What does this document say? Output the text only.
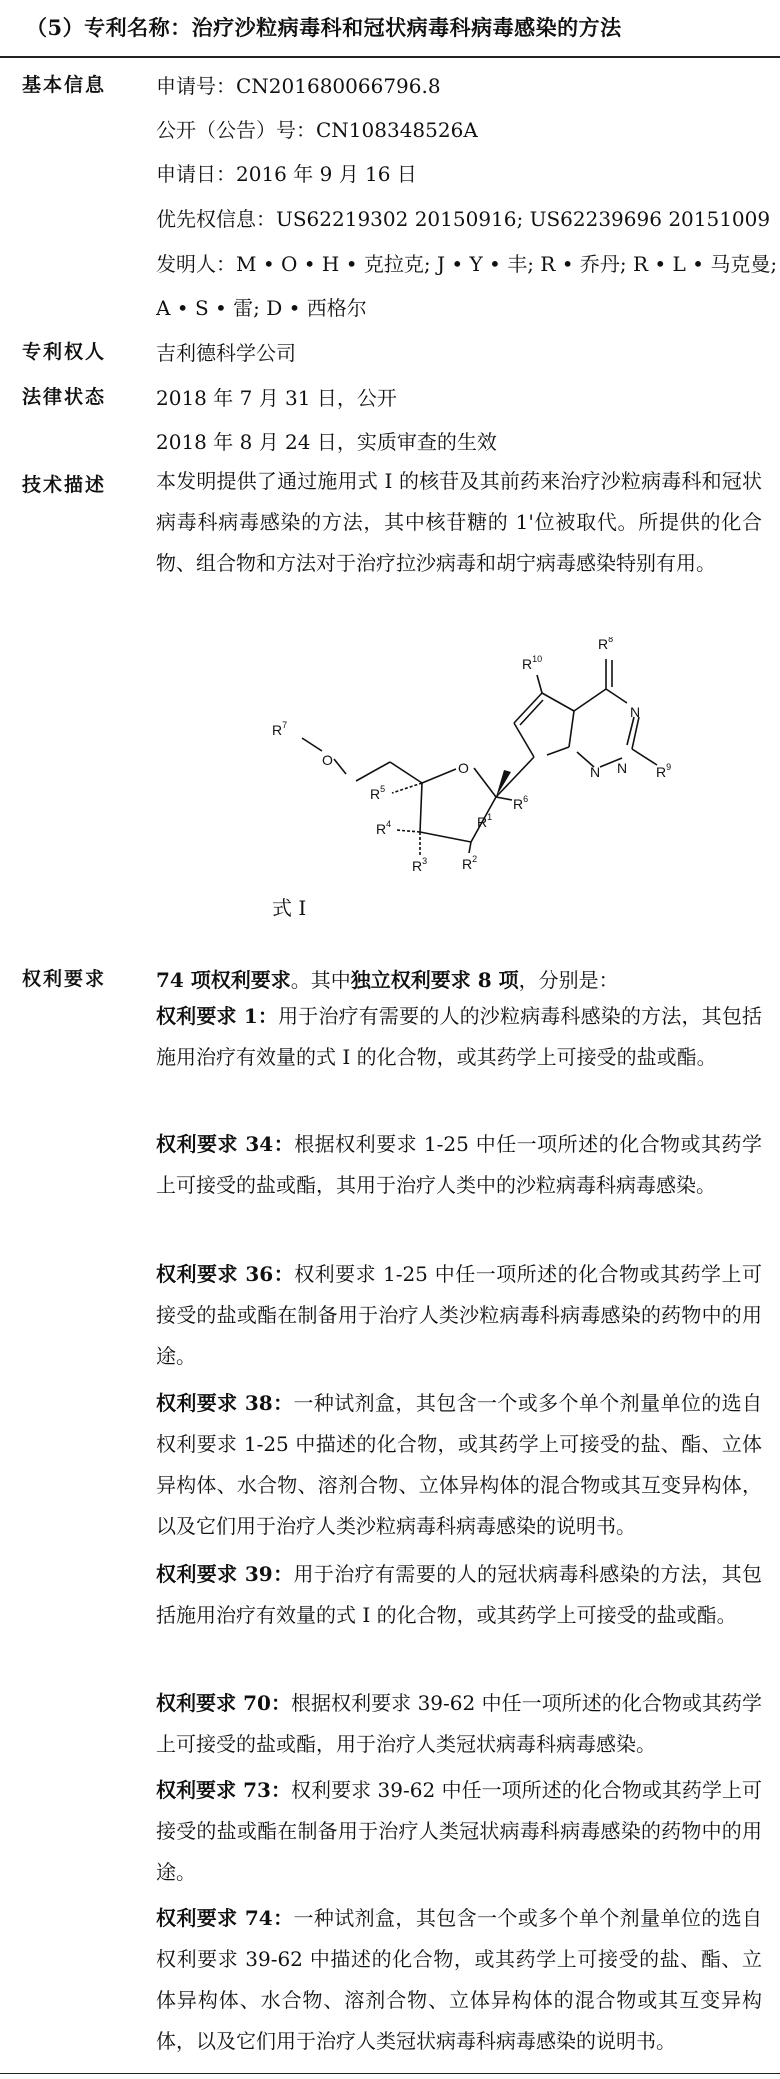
（5）专利名称：治疗沙粒病毒科和冠状病毒科病毒感染的方法
基本信息 申请号：CN201680066796.8
公开（公告）号：CN108348526A
申请日：2016 年 9 月 16 日
优先权信息：US62219302 20150916; US62239696 20151009
发明人：M • O • H • 克拉克; J • Y • 丰; R • 乔丹; R • L • 马克曼;
A • S • 雷; D • 西格尔
专利权人 吉利德科学公司
法律状态 2018 年 7 月 31 日，公开
2018 年 8 月 24 日，实质审查的生效
技术描述 本发明提供了通过施用式 I 的核苷及其前药来治疗沙粒病毒科和冠状病毒科病毒感染的方法，其中核苷糖的 1'位被取代。所提供的化合物、组合物和方法对于治疗拉沙病毒和胡宁病毒感染特别有用。
$R^7$
O	O
$R^5$
$R^4$
$R^3$ $R^2$
$R^1$
$R^6$
$R^{10}$
$R^8$
$R^9$
N
N
N
式 I
权利要求 74 项权利要求。其中独立权利要求 8 项，分别是：
权利要求 1：用于治疗有需要的人的沙粒病毒科感染的方法，其包括施用治疗有效量的式 I 的化合物，或其药学上可接受的盐或酯。
权利要求 34：根据权利要求 1-25 中任一项所述的化合物或其药学上可接受的盐或酯，其用于治疗人类中的沙粒病毒科病毒感染。
权利要求 36：权利要求 1-25 中任一项所述的化合物或其药学上可接受的盐或酯在制备用于治疗人类沙粒病毒科病毒感染的药物中的用途。
权利要求 38：一种试剂盒，其包含一个或多个单个剂量单位的选自权利要求 1-25 中描述的化合物，或其药学上可接受的盐、酯、立体异构体、水合物、溶剂合物、立体异构体的混合物或其互变异构体，以及它们用于治疗人类沙粒病毒科病毒感染的说明书。
权利要求 39：用于治疗有需要的人的冠状病毒科感染的方法，其包括施用治疗有效量的式 I 的化合物，或其药学上可接受的盐或酯。
权利要求 70：根据权利要求 39-62 中任一项所述的化合物或其药学上可接受的盐或酯，用于治疗人类冠状病毒科病毒感染。
权利要求 73：权利要求 39-62 中任一项所述的化合物或其药学上可接受的盐或酯在制备用于治疗人类冠状病毒科病毒感染的药物中的用途。
权利要求 74：一种试剂盒，其包含一个或多个单个剂量单位的选自权利要求 39-62 中描述的化合物，或其药学上可接受的盐、酯、立体异构体、水合物、溶剂合物、立体异构体的混合物或其互变异构体，以及它们用于治疗人类冠状病毒科病毒感染的说明书。
